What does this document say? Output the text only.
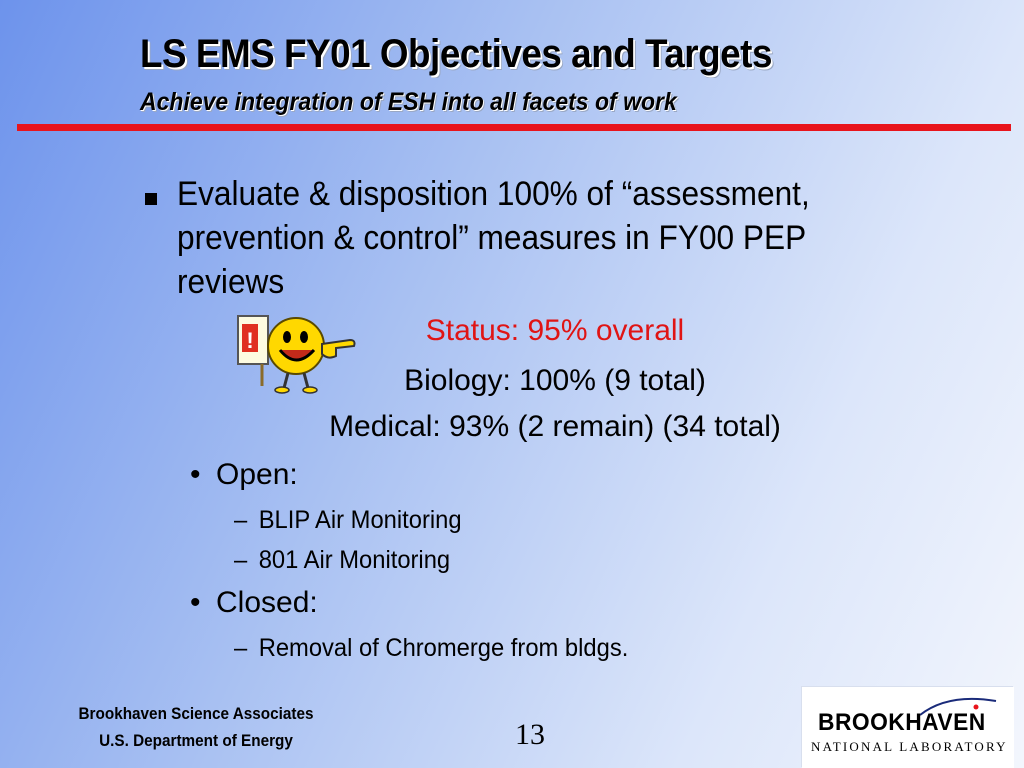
LS EMS FY01 Objectives and Targets
Achieve integration of ESH into all facets of work

Evaluate & disposition 100% of “assessment, prevention & control” measures in FY00 PEP reviews

!	Status: 95% overall
Biology: 100% (9 total)
Medical: 93% (2 remain) (34 total)
• Open:
– BLIP Air Monitoring
– 801 Air Monitoring
• Closed:
– Removal of Chromerge from bldgs.
Brookhaven Science Associates
U.S. Department of Energy	13	BROOKHAVEN
NATIONAL LABORATORY
